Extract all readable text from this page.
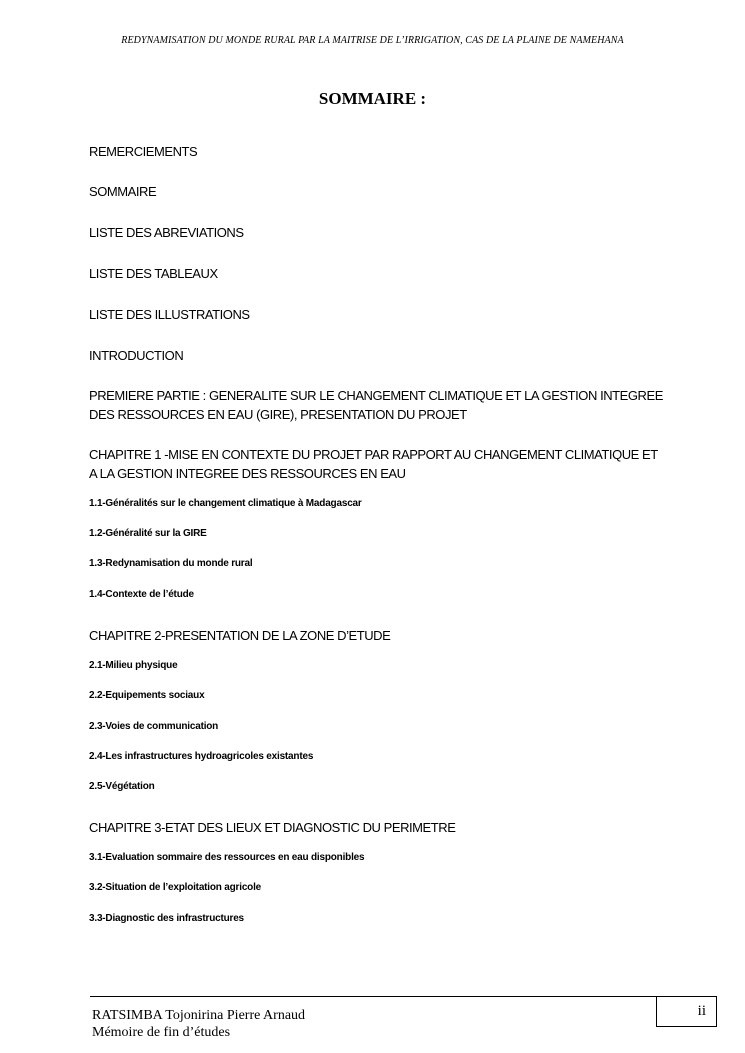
REDYNAMISATION DU MONDE RURAL PAR LA MAITRISE DE L’IRRIGATION, CAS DE LA PLAINE DE NAMEHANA
SOMMAIRE :
REMERCIEMENTS
SOMMAIRE
LISTE DES ABREVIATIONS
LISTE DES TABLEAUX
LISTE DES ILLUSTRATIONS
INTRODUCTION
PREMIERE PARTIE : GENERALITE SUR LE CHANGEMENT CLIMATIQUE ET LA GESTION INTEGREE
DES RESSOURCES EN EAU (GIRE), PRESENTATION DU PROJET
CHAPITRE 1 -MISE EN CONTEXTE DU PROJET PAR RAPPORT AU CHANGEMENT CLIMATIQUE ET
A LA GESTION INTEGREE DES RESSOURCES EN EAU
1.1-Généralités sur le changement climatique à Madagascar
1.2-Généralité sur la GIRE
1.3-Redynamisation du monde rural
1.4-Contexte de l’étude
CHAPITRE 2-PRESENTATION DE LA ZONE D’ETUDE
2.1-Milieu physique
2.2-Equipements sociaux
2.3-Voies de communication
2.4-Les infrastructures hydroagricoles existantes
2.5-Végétation
CHAPITRE 3-ETAT DES LIEUX ET DIAGNOSTIC DU PERIMETRE
3.1-Evaluation sommaire des ressources en eau disponibles
3.2-Situation de l’exploitation agricole
3.3-Diagnostic des infrastructures
RATSIMBA Tojonirina Pierre Arnaud
Mémoire de fin d’études
ii
